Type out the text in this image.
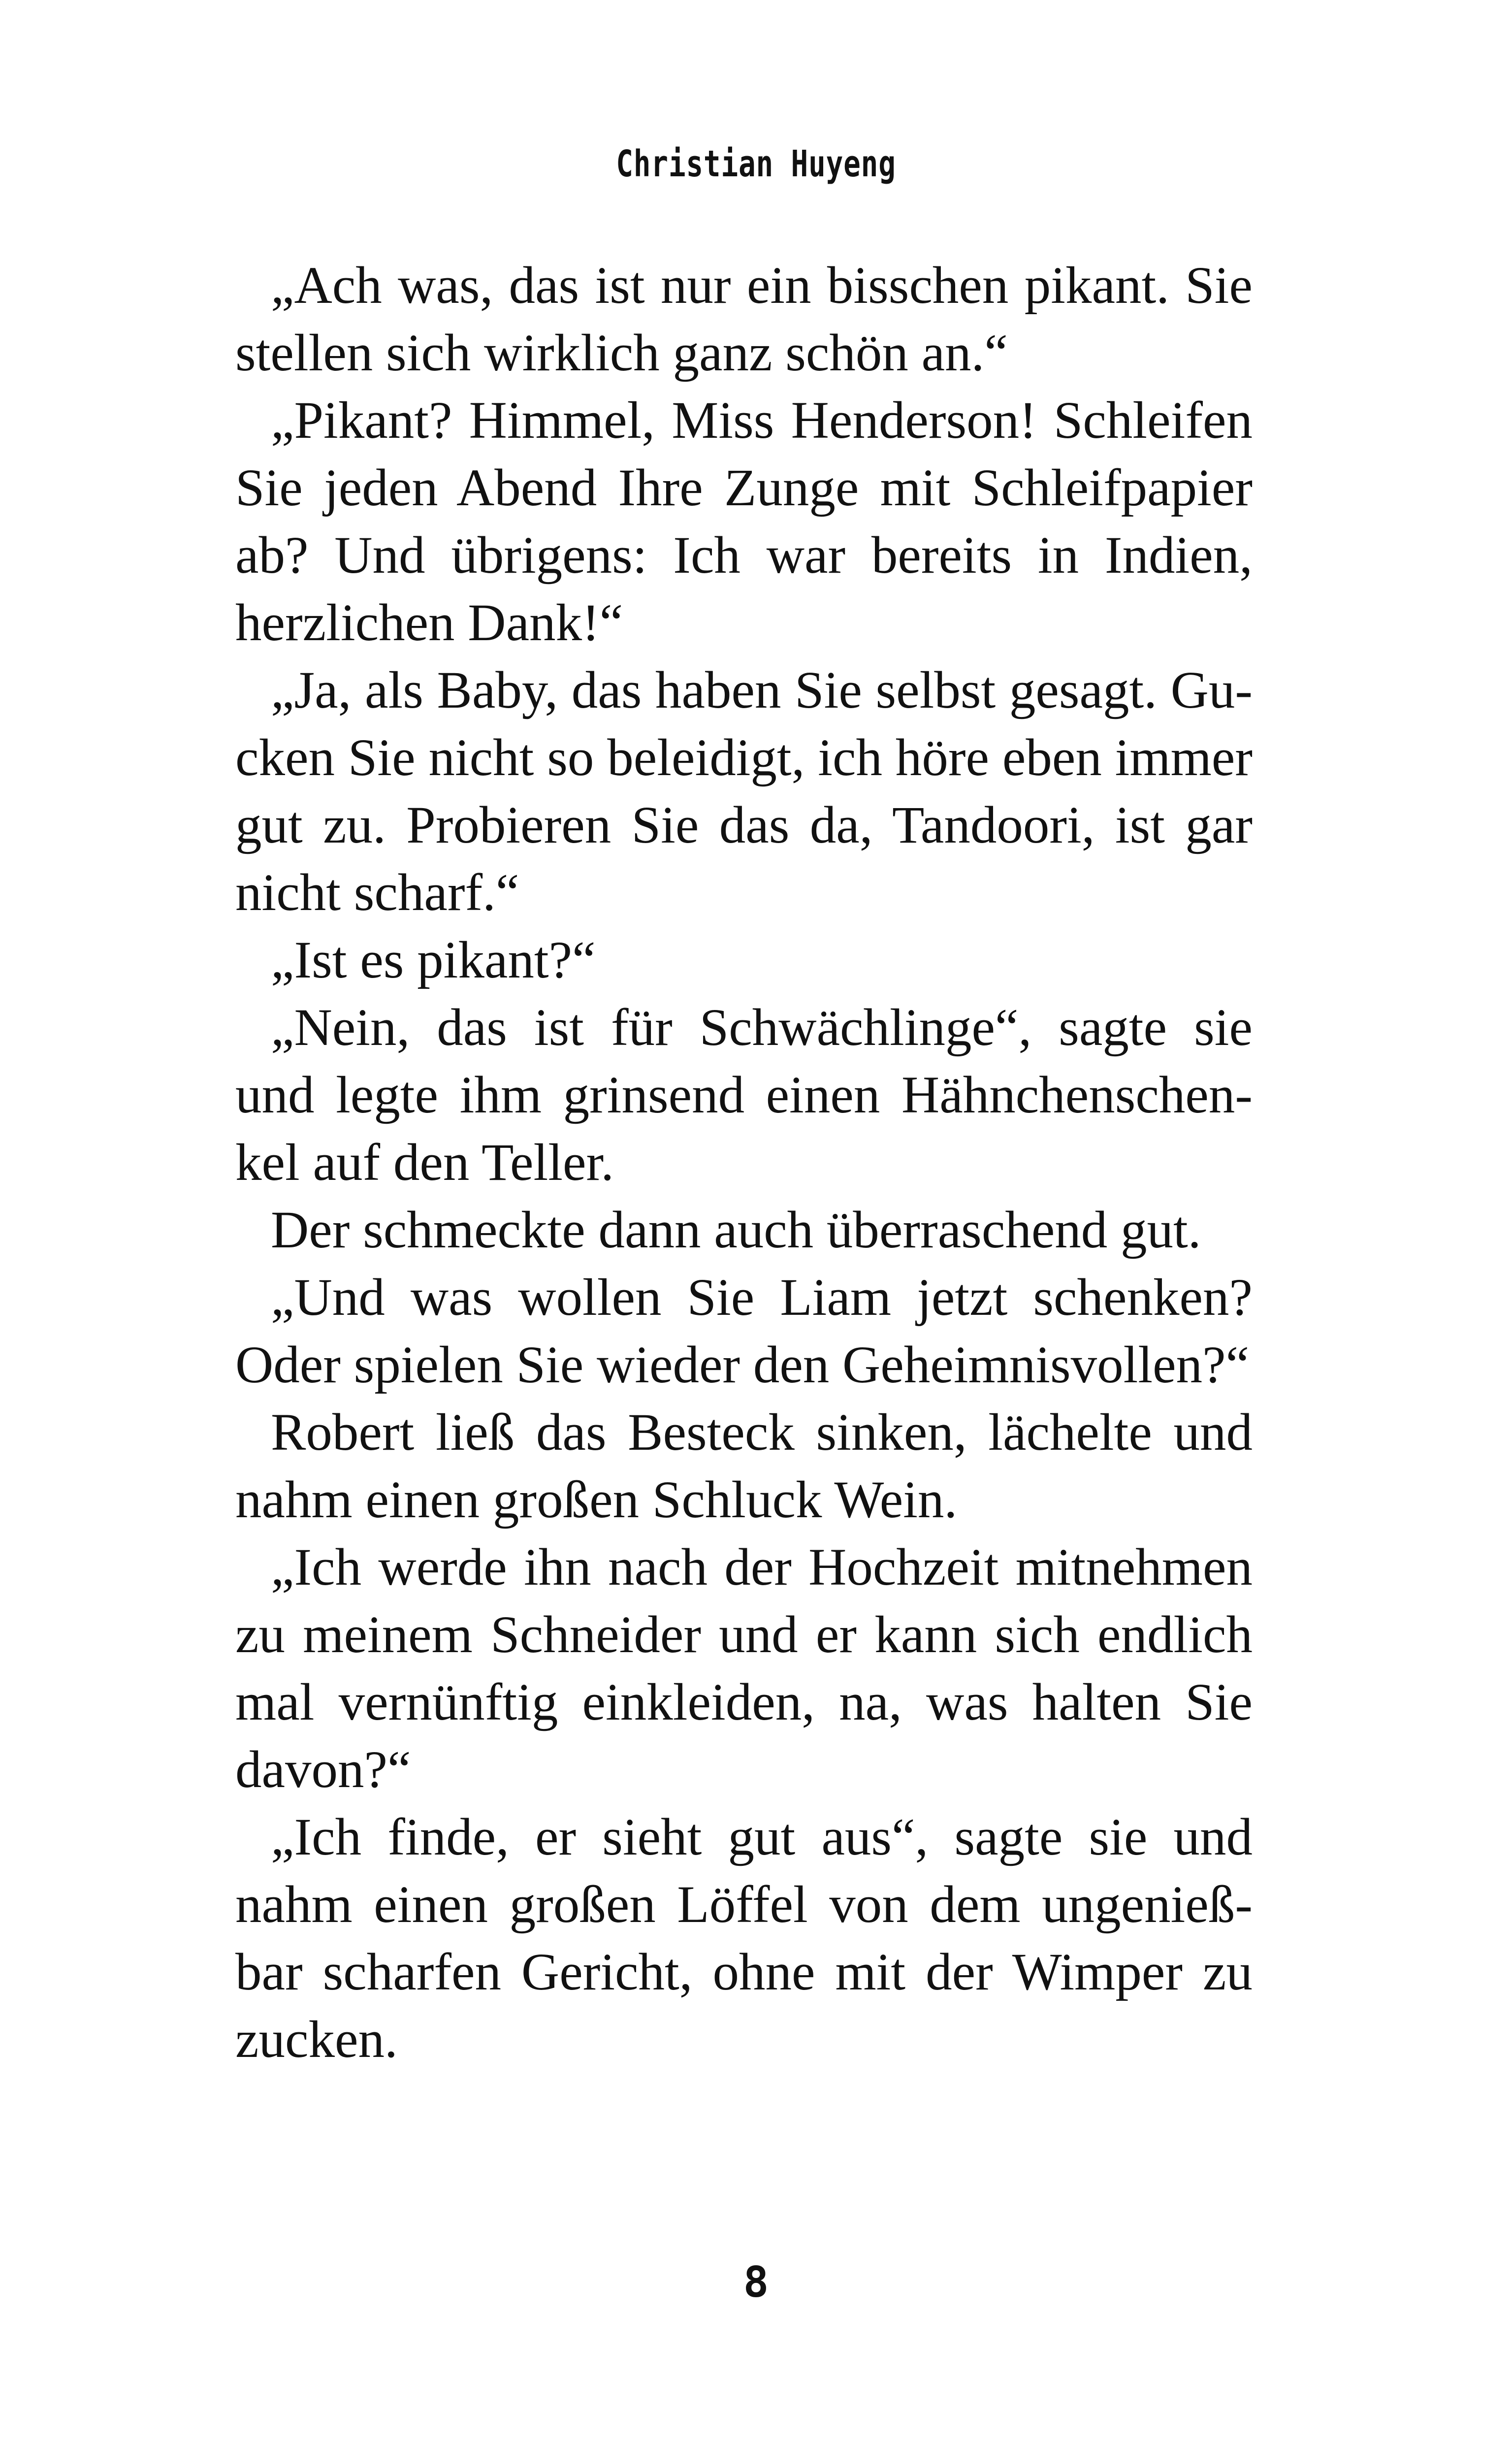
Christian Huyeng

„Ach was, das ist nur ein bisschen pikant. Sie stellen sich wirklich ganz schön an.“

„Pikant? Himmel, Miss Henderson! Schleifen Sie jeden Abend Ihre Zunge mit Schleifpapier ab? Und übrigens: Ich war bereits in Indien, herzlichen Dank!“

„Ja, als Baby, das haben Sie selbst gesagt. Gucken Sie nicht so beleidigt, ich höre eben immer gut zu. Probieren Sie das da, Tandoori, ist gar nicht scharf.“

„Ist es pikant?“

„Nein, das ist für Schwächlinge“, sagte sie und legte ihm grinsend einen Hähnchenschenkel auf den Teller.

Der schmeckte dann auch überraschend gut.

„Und was wollen Sie Liam jetzt schenken? Oder spielen Sie wieder den Geheimnisvollen?“

Robert ließ das Besteck sinken, lächelte und nahm einen großen Schluck Wein.

„Ich werde ihn nach der Hochzeit mitnehmen zu meinem Schneider und er kann sich endlich mal vernünftig einkleiden, na, was halten Sie davon?“

„Ich finde, er sieht gut aus“, sagte sie und nahm einen großen Löffel von dem ungenießbar scharfen Gericht, ohne mit der Wimper zu zucken.

8
